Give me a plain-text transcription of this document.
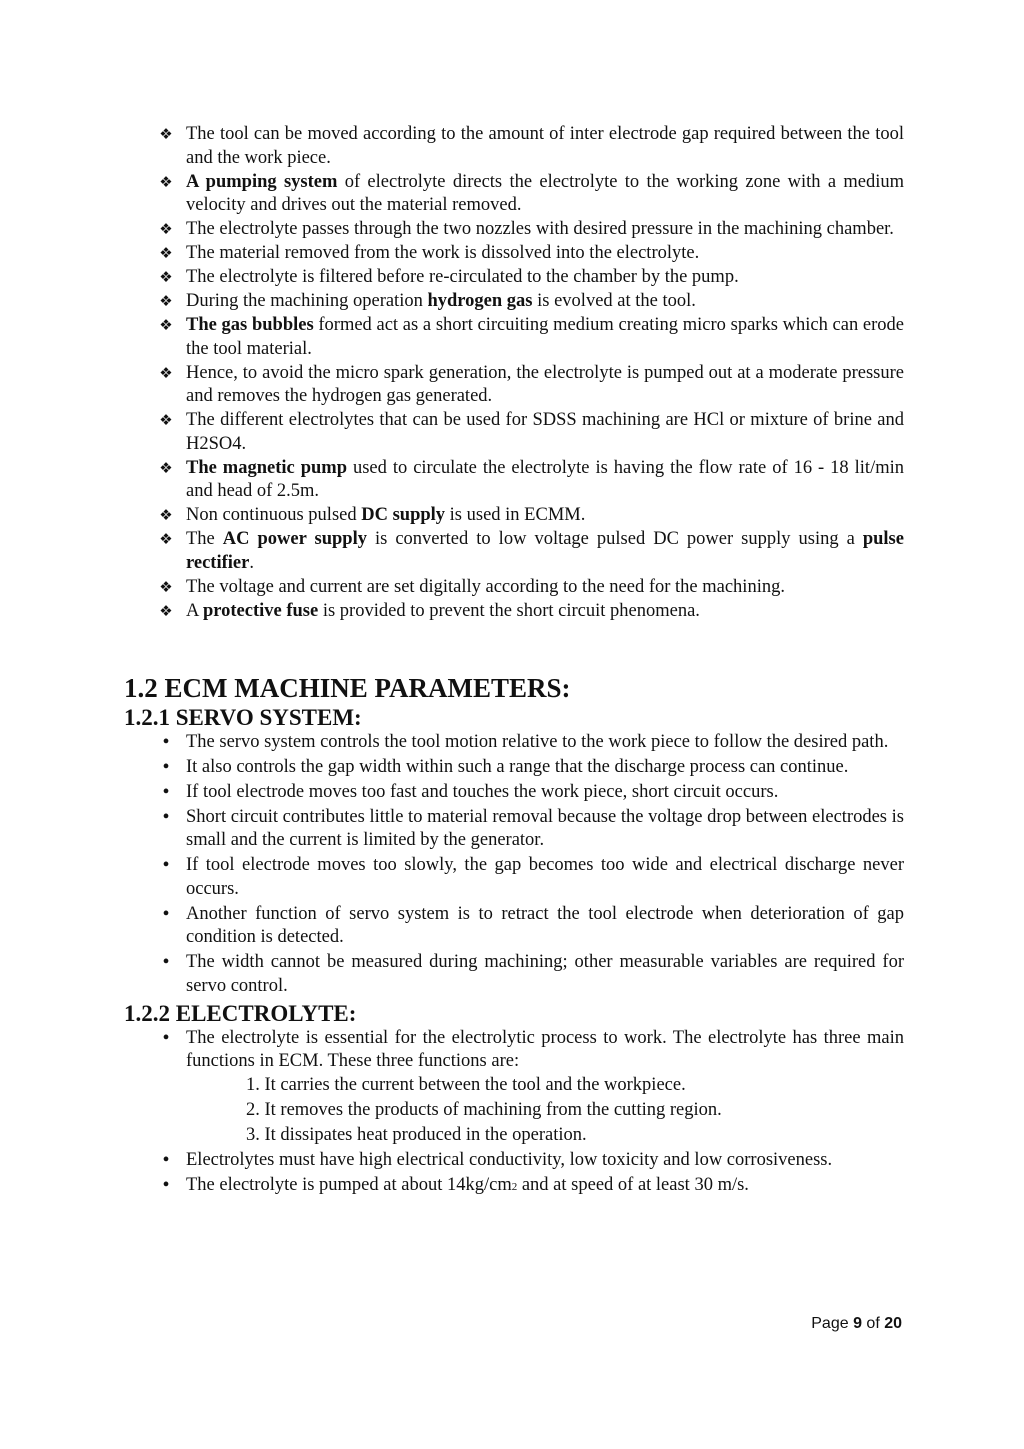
❖ The tool can be moved according to the amount of inter electrode gap required between the tool and the work piece.
❖ A pumping system of electrolyte directs the electrolyte to the working zone with a medium velocity and drives out the material removed.
❖ The electrolyte passes through the two nozzles with desired pressure in the machining chamber.
❖ The material removed from the work is dissolved into the electrolyte.
❖ The electrolyte is filtered before re-circulated to the chamber by the pump.
❖ During the machining operation hydrogen gas is evolved at the tool.
❖ The gas bubbles formed act as a short circuiting medium creating micro sparks which can erode the tool material.
❖ Hence, to avoid the micro spark generation, the electrolyte is pumped out at a moderate pressure and removes the hydrogen gas generated.
❖ The different electrolytes that can be used for SDSS machining are HCl or mixture of brine and H2SO4.
❖ The magnetic pump used to circulate the electrolyte is having the flow rate of 16 - 18 lit/min and head of 2.5m.
❖ Non continuous pulsed DC supply is used in ECMM.
❖ The AC power supply is converted to low voltage pulsed DC power supply using a pulse rectifier.
❖ The voltage and current are set digitally according to the need for the machining.
❖ A protective fuse is provided to prevent the short circuit phenomena.
1.2 ECM MACHINE PARAMETERS:
1.2.1 SERVO SYSTEM:
• The servo system controls the tool motion relative to the work piece to follow the desired path.
• It also controls the gap width within such a range that the discharge process can continue.
• If tool electrode moves too fast and touches the work piece, short circuit occurs.
• Short circuit contributes little to material removal because the voltage drop between electrodes is small and the current is limited by the generator.
• If tool electrode moves too slowly, the gap becomes too wide and electrical discharge never occurs.
• Another function of servo system is to retract the tool electrode when deterioration of gap condition is detected.
• The width cannot be measured during machining; other measurable variables are required for servo control.
1.2.2 ELECTROLYTE:
• The electrolyte is essential for the electrolytic process to work. The electrolyte has three main functions in ECM. These three functions are:
1. It carries the current between the tool and the workpiece.
2. It removes the products of machining from the cutting region.
3. It dissipates heat produced in the operation.
• Electrolytes must have high electrical conductivity, low toxicity and low corrosiveness.
• The electrolyte is pumped at about 14kg/cm2 and at speed of at least 30 m/s.
Page 9 of 20
